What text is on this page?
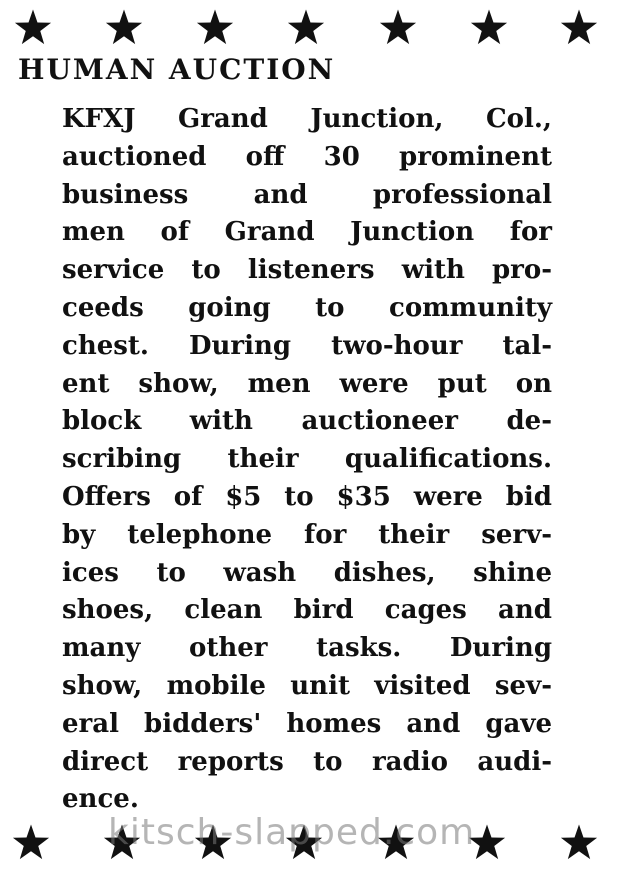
HUMAN AUCTION
KFXJ Grand Junction, Col.,
auctioned off 30 prominent
business and professional
men of Grand Junction for
service to listeners with pro-
ceeds going to community
chest. During two-hour tal-
ent show, men were put on
block with auctioneer de-
scribing their qualifications.
Offers of $5 to $35 were bid
by telephone for their serv-
ices to wash dishes, shine
shoes, clean bird cages and
many other tasks. During
show, mobile unit visited sev-
eral bidders' homes and gave
direct reports to radio audi-
ence.
kitsch-slapped.com
